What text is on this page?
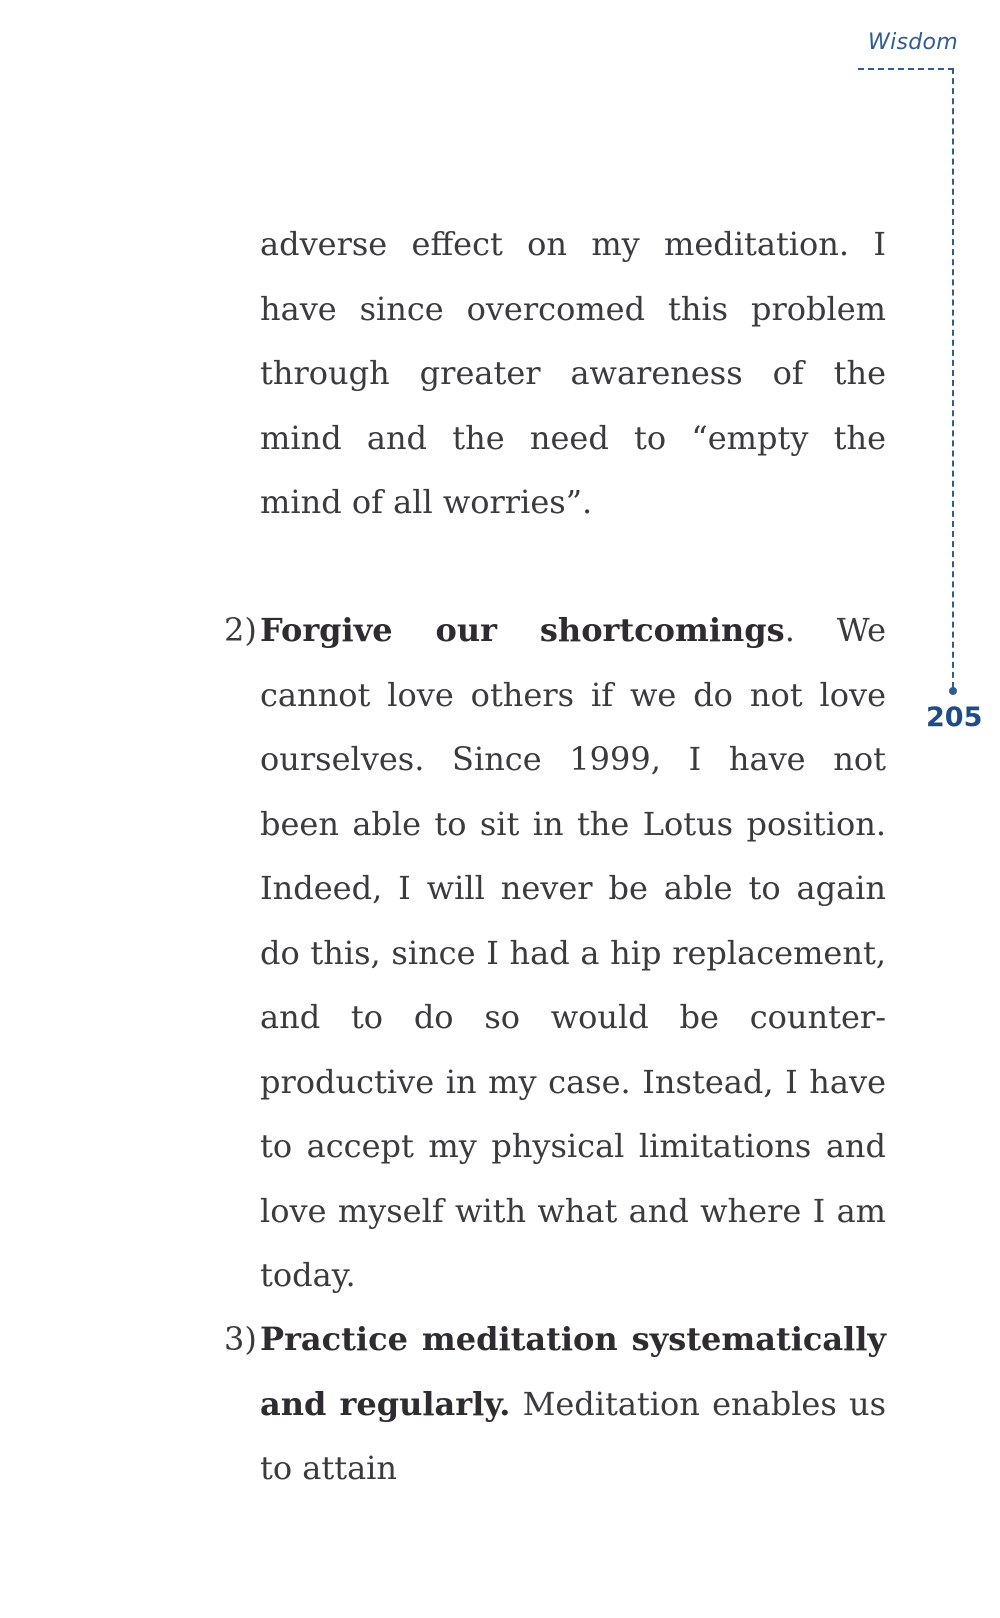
Wisdom
205

adverse effect on my meditation. I have since overcomed this problem through greater awareness of the mind and the need to “empty the mind of all worries”.

2) Forgive our shortcomings. We cannot love others if we do not love ourselves. Since 1999, I have not been able to sit in the Lotus position. Indeed, I will never be able to again do this, since I had a hip replacement, and to do so would be counter-productive in my case. Instead, I have to accept my physical limitations and love myself with what and where I am today.
3) Practice meditation systematically and regularly. Meditation enables us to attain
